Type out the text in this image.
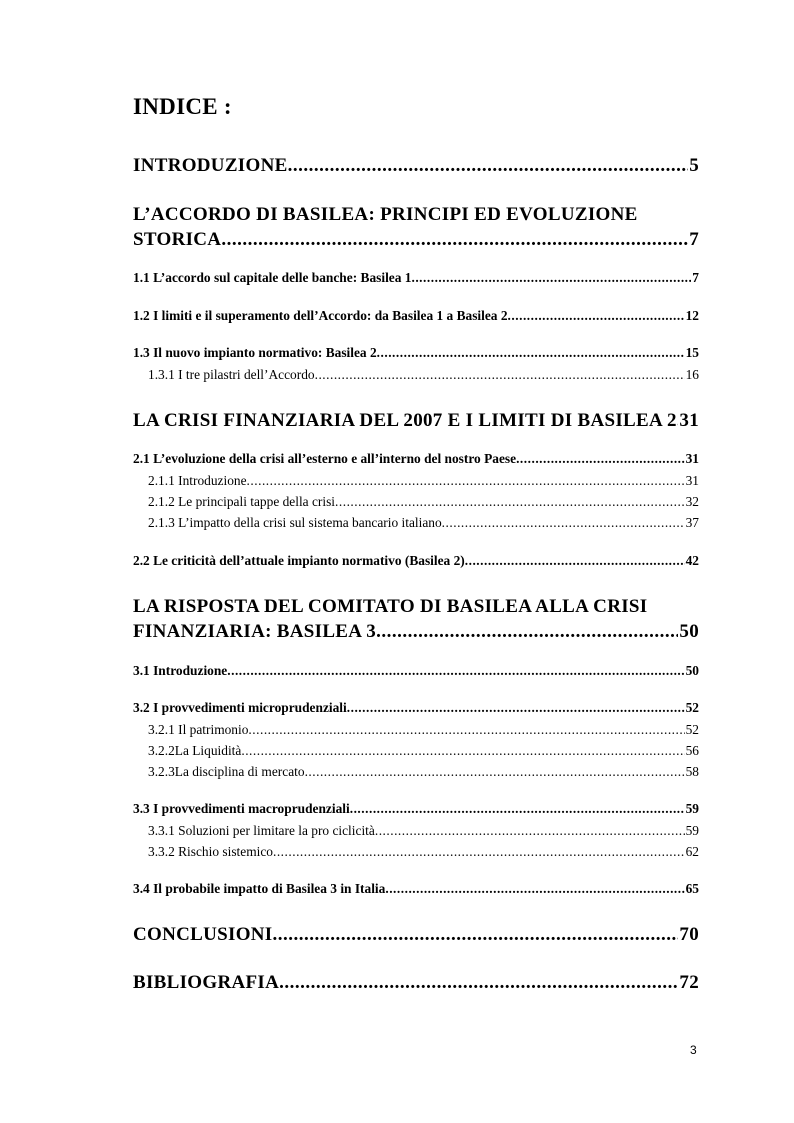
INDICE :
INTRODUZIONE .....	5
L’ACCORDO DI BASILEA: PRINCIPI ED EVOLUZIONE
STORICA .....	7
1.1 L’accordo sul capitale delle banche: Basilea 1 .....	7
1.2 I limiti e il superamento dell’Accordo: da Basilea 1 a Basilea 2 .....	12
1.3 Il nuovo impianto normativo: Basilea 2 .....	15
1.3.1 I tre pilastri dell’Accordo .....	16
LA CRISI FINANZIARIA DEL 2007 E I LIMITI DI BASILEA 2 ..... 31
2.1 L’evoluzione della crisi all’esterno e all’interno del nostro Paese .....	31
2.1.1 Introduzione .....	31
2.1.2 Le principali tappe della crisi .....	32
2.1.3 L’impatto della crisi sul sistema bancario italiano .....	37
2.2 Le criticità dell’attuale impianto normativo (Basilea 2) .....	42
LA RISPOSTA DEL COMITATO DI BASILEA ALLA CRISI
FINANZIARIA: BASILEA 3 .....	50
3.1 Introduzione .....	50
3.2 I provvedimenti microprudenziali .....	52
3.2.1 Il patrimonio .....	52
3.2.2La Liquidità .....	56
3.2.3La disciplina di mercato .....	58
3.3 I provvedimenti macroprudenziali .....	59
3.3.1 Soluzioni per limitare la pro ciclicità .....	59
3.3.2 Rischio sistemico .....	62
3.4 Il probabile impatto di Basilea 3 in Italia .....	65
CONCLUSIONI .....	70
BIBLIOGRAFIA .....	72
3
